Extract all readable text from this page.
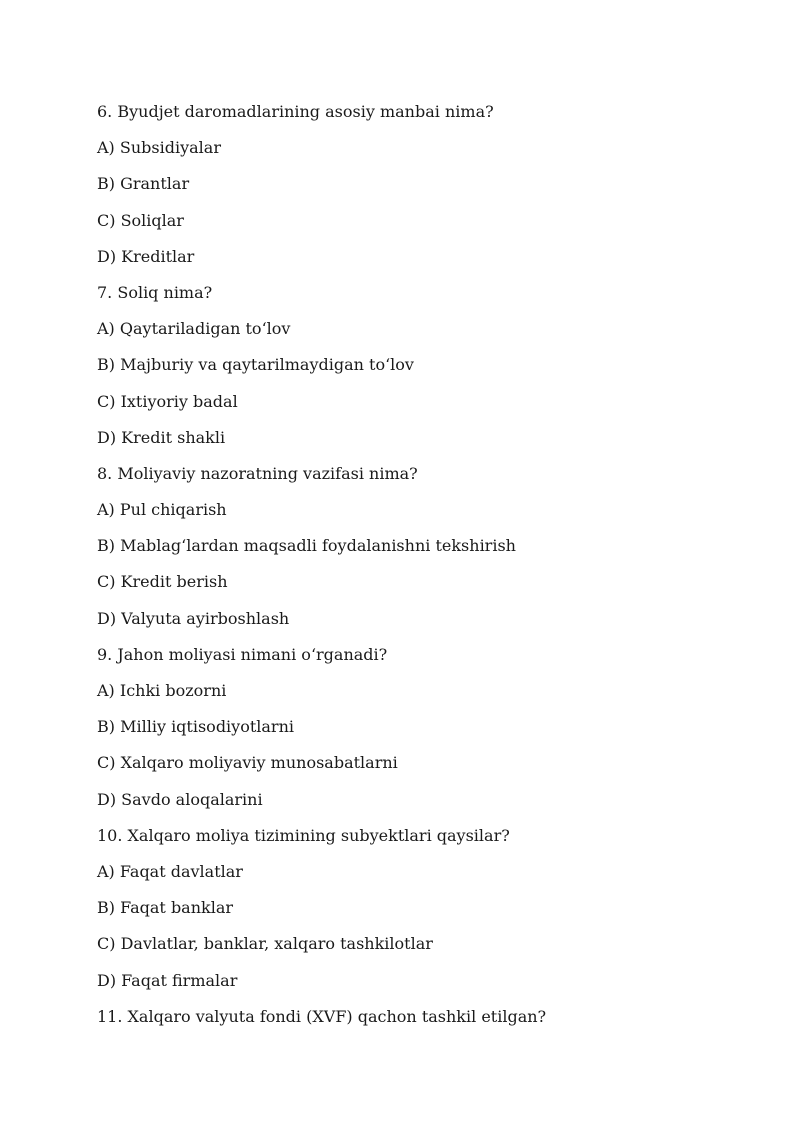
6. Byudjet daromadlarining asosiy manbai nima?
A) Subsidiyalar
B) Grantlar
C) Soliqlar
D) Kreditlar
7. Soliq nima?
A) Qaytariladigan to‘lov
B) Majburiy va qaytarilmaydigan to‘lov
C) Ixtiyoriy badal
D) Kredit shakli
8. Moliyaviy nazoratning vazifasi nima?
A) Pul chiqarish
B) Mablag‘lardan maqsadli foydalanishni tekshirish
C) Kredit berish
D) Valyuta ayirboshlash
9. Jahon moliyasi nimani o‘rganadi?
A) Ichki bozorni
B) Milliy iqtisodiyotlarni
C) Xalqaro moliyaviy munosabatlarni
D) Savdo aloqalarini
10. Xalqaro moliya tizimining subyektlari qaysilar?
A) Faqat davlatlar
B) Faqat banklar
C) Davlatlar, banklar, xalqaro tashkilotlar
D) Faqat firmalar
11. Xalqaro valyuta fondi (XVF) qachon tashkil etilgan?
